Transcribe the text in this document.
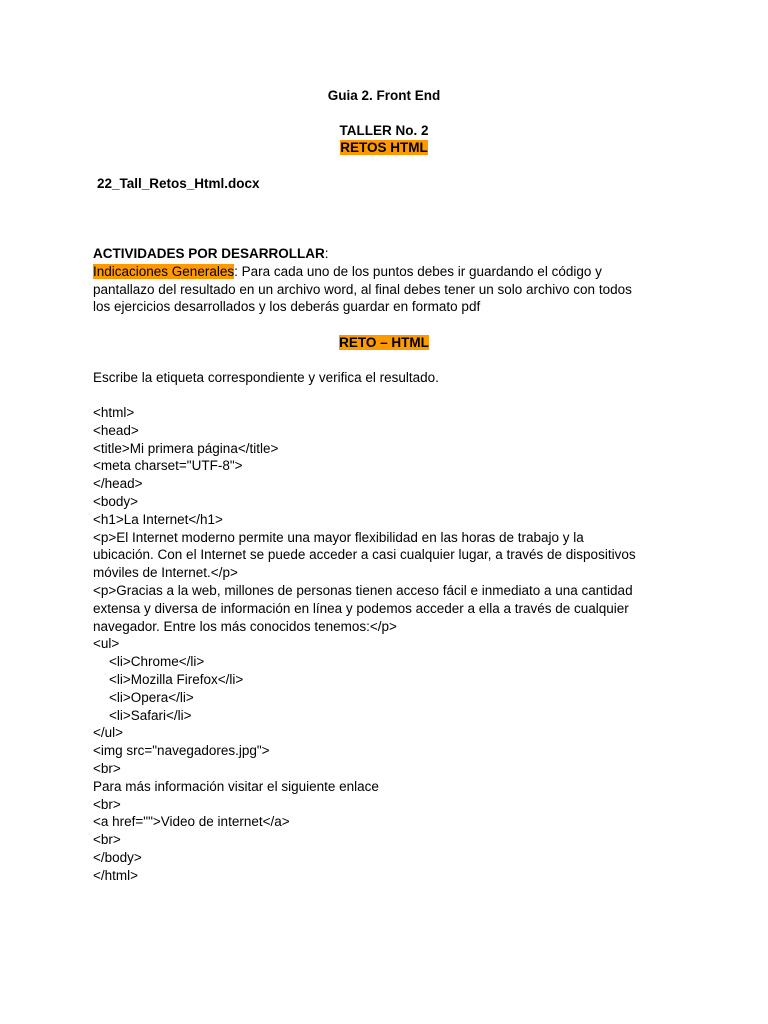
Guia 2. Front End
TALLER No. 2
RETOS HTML
22_Tall_Retos_Html.docx
ACTIVIDADES POR DESARROLLAR:
Indicaciones Generales: Para cada uno de los puntos debes ir guardando el código y
pantallazo del resultado en un archivo word, al final debes tener un solo archivo con todos
los ejercicios desarrollados y los deberás guardar en formato pdf
RETO – HTML
Escribe la etiqueta correspondiente y verifica el resultado.
<html>
<head>
<title>Mi primera página</title>
<meta charset="UTF-8">
</head>
<body>
<h1>La Internet</h1>
<p>El Internet moderno permite una mayor flexibilidad en las horas de trabajo y la
ubicación. Con el Internet se puede acceder a casi cualquier lugar, a través de dispositivos
móviles de Internet.</p>
<p>Gracias a la web, millones de personas tienen acceso fácil e inmediato a una cantidad
extensa y diversa de información en línea y podemos acceder a ella a través de cualquier
navegador. Entre los más conocidos tenemos:</p>
<ul>
<li>Chrome</li>
<li>Mozilla Firefox</li>
<li>Opera</li>
<li>Safari</li>
</ul>
<img src="navegadores.jpg">
<br>
Para más información visitar el siguiente enlace
<br>
<a href="">Video de internet</a>
<br>
</body>
</html>
